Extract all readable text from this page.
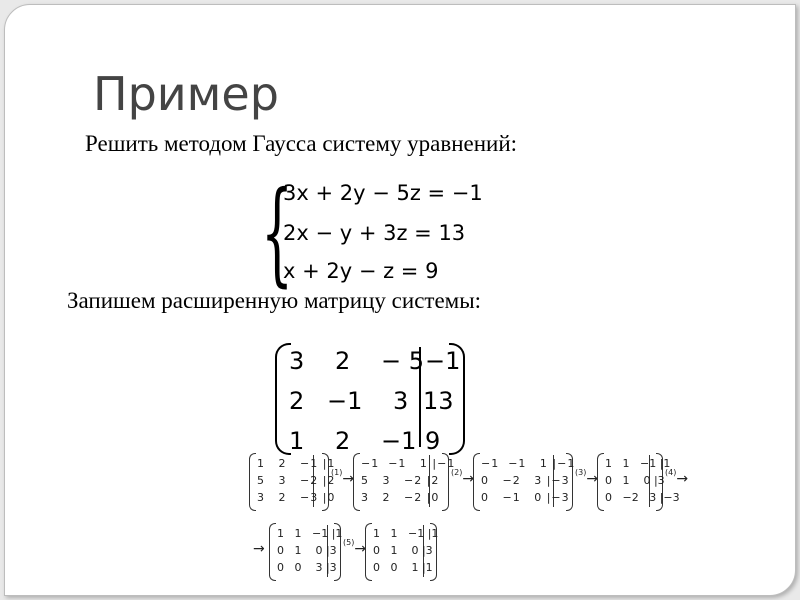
Пример
Решить методом Гаусса систему уравнений:
{
3x + 2y − 5z = −1
2x − y + 3z = 13
x + 2y − z = 9
Запишем расширенную матрицу системы:
3 2 − 5 −1
2 −1 3 13
1 2 −1 9
1   2   −1 |1
5   3   −2 |2
3   2   −3 |0
$^{(1)}$→
−1  −1   1 |−1
5   3   −2 |2
3   2   −2 |0
$^{(2)}$→
−1  −1   1 |−1
0   −2   3 |−3
0   −1   0 |−3
$^{(3)}$→
1   1   −1 |1
0   1    0 |3
0   −2   3 |−3
$^{(4)}$→
→
1   1   −1 |1
0   1    0 |3
0   0    3 |3
$^{(5)}$→
1   1   −1 |1
0   1    0 |3
0   0    1 |1
